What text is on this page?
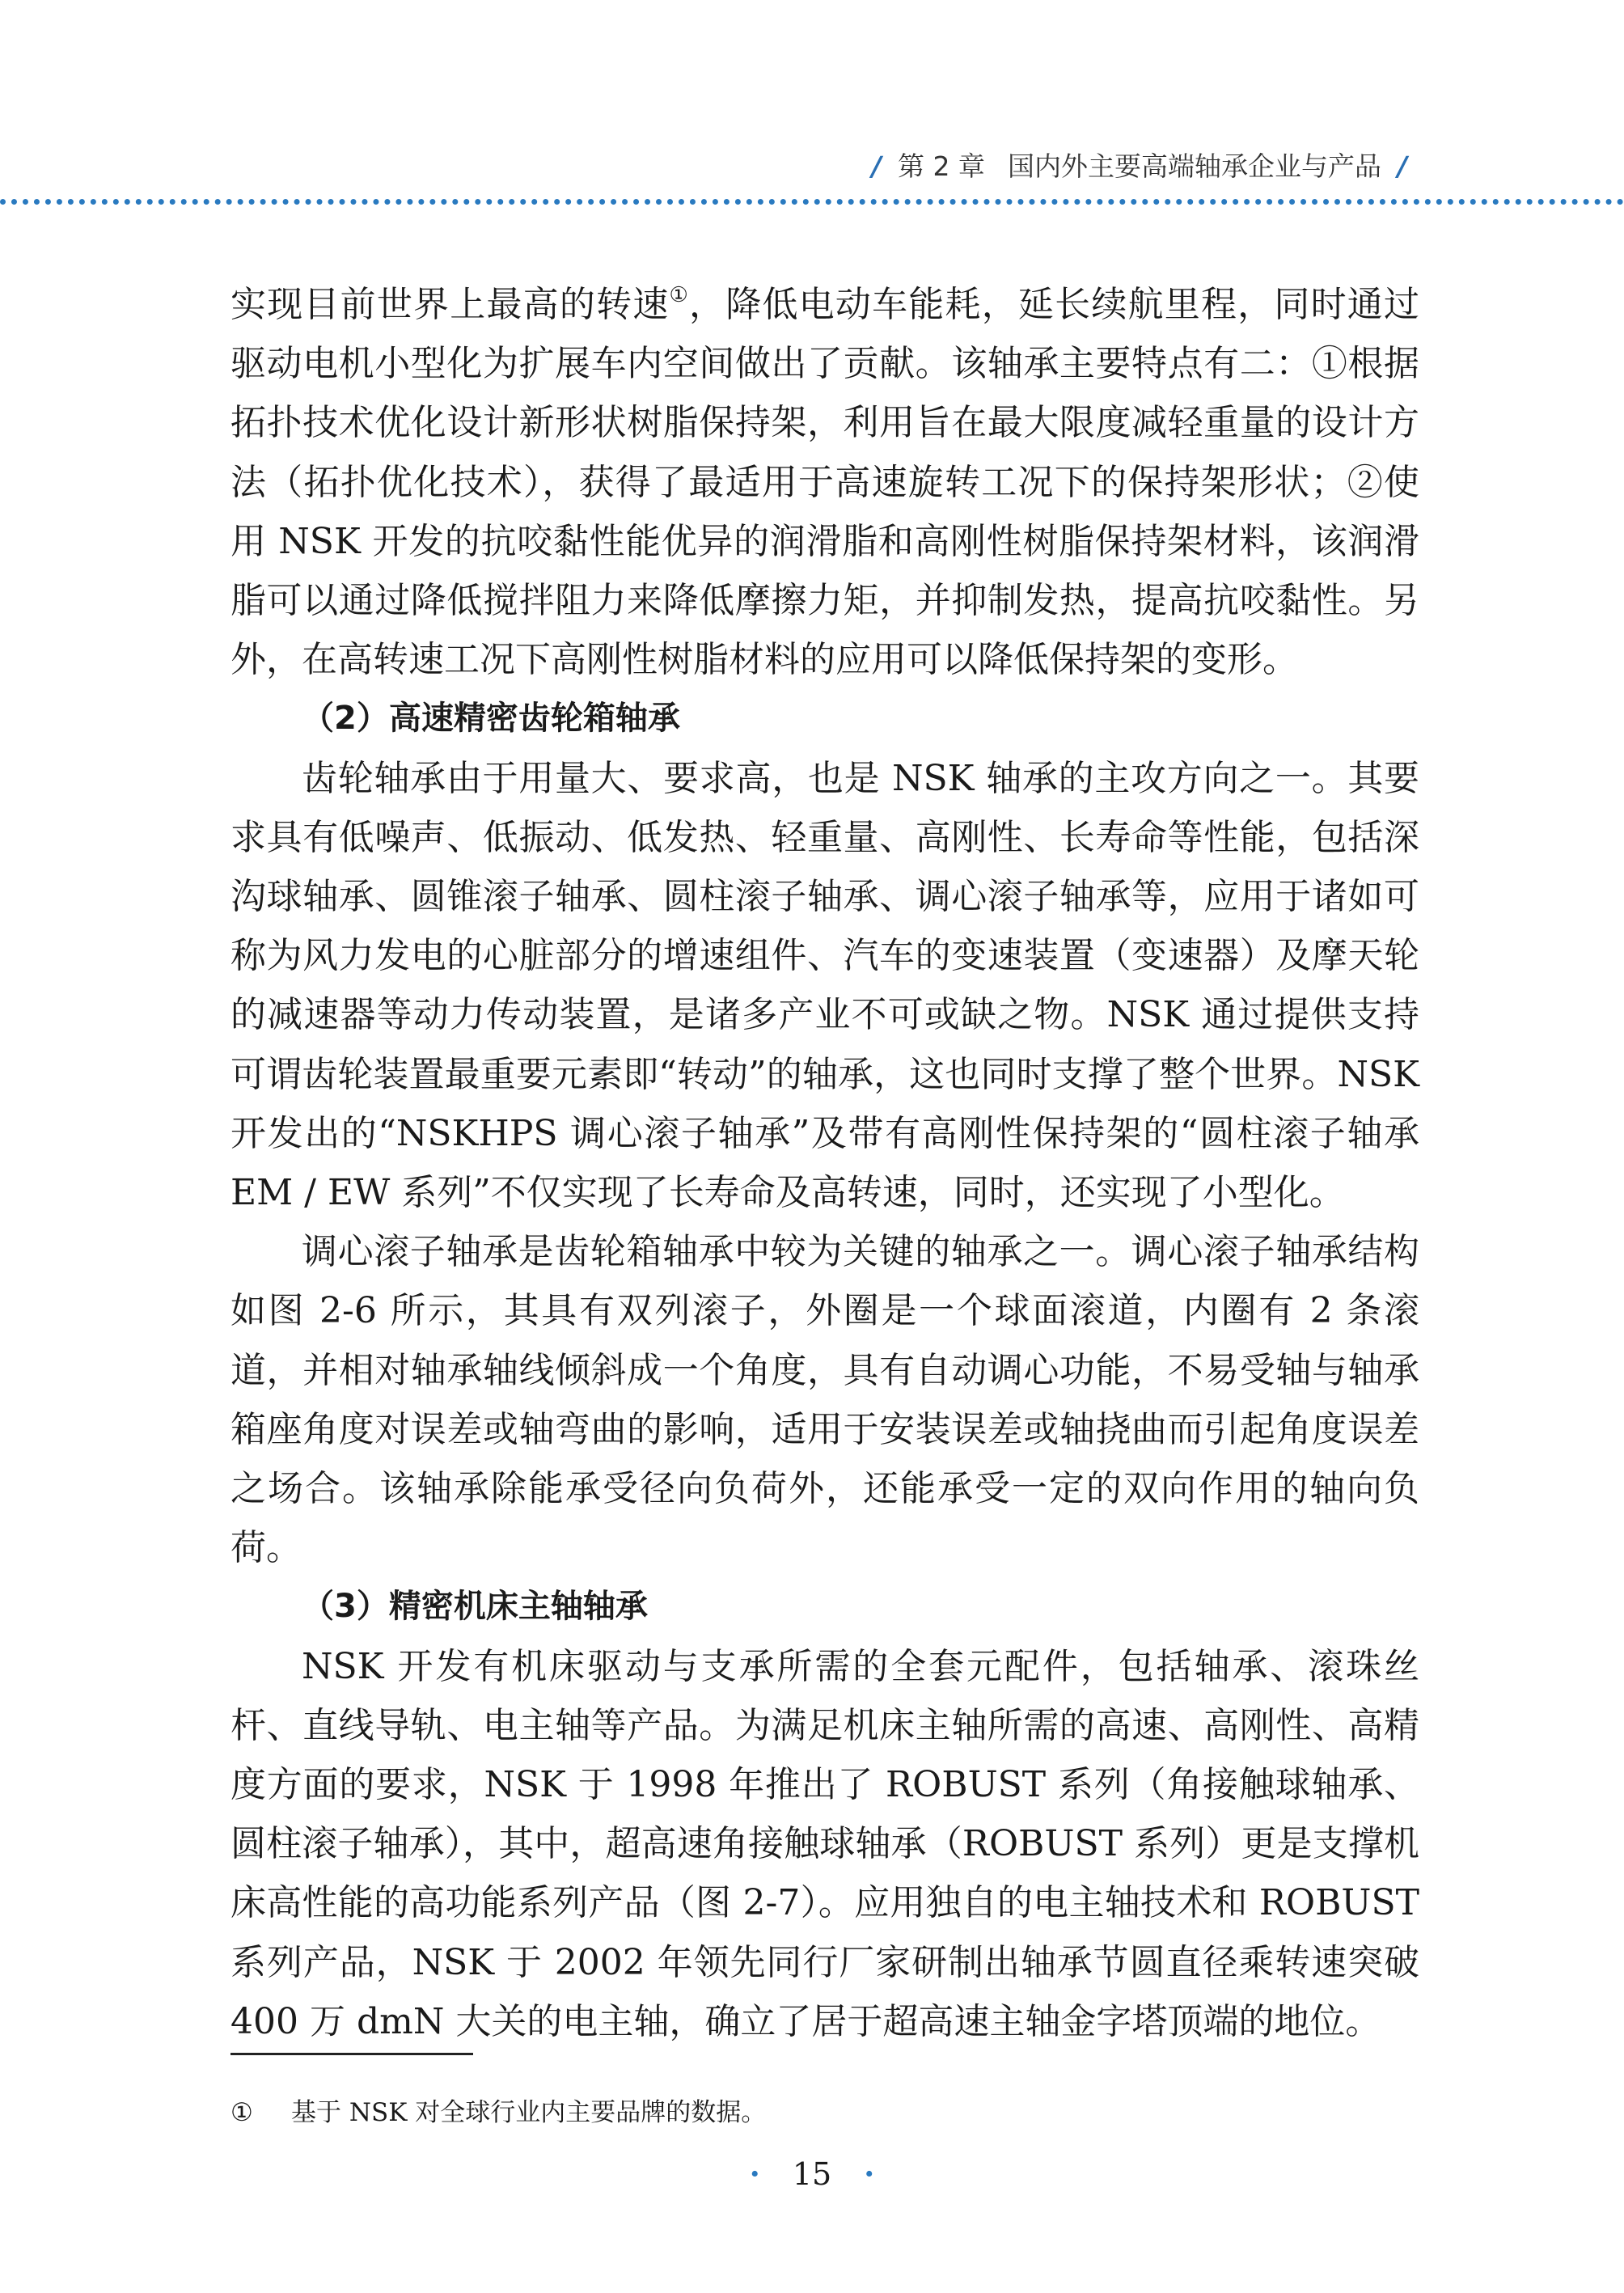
/ 第 2 章 国内外主要高端轴承企业与产品 /

实现目前世界上最高的转速①，降低电动车能耗，延长续航里程，同时通过驱动电机小型化为扩展车内空间做出了贡献。该轴承主要特点有二：①根据拓扑技术优化设计新形状树脂保持架，利用旨在最大限度减轻重量的设计方法（拓扑优化技术），获得了最适用于高速旋转工况下的保持架形状；②使用 NSK 开发的抗咬黏性能优异的润滑脂和高刚性树脂保持架材料，该润滑脂可以通过降低搅拌阻力来降低摩擦力矩，并抑制发热，提高抗咬黏性。另外，在高转速工况下高刚性树脂材料的应用可以降低保持架的变形。

（2）高速精密齿轮箱轴承

齿轮轴承由于用量大、要求高，也是 NSK 轴承的主攻方向之一。其要求具有低噪声、低振动、低发热、轻重量、高刚性、长寿命等性能，包括深沟球轴承、圆锥滚子轴承、圆柱滚子轴承、调心滚子轴承等，应用于诸如可称为风力发电的心脏部分的增速组件、汽车的变速装置（变速器）及摩天轮的减速器等动力传动装置，是诸多产业不可或缺之物。NSK 通过提供支持可谓齿轮装置最重要元素即“转动”的轴承，这也同时支撑了整个世界。NSK 开发出的“NSKHPS 调心滚子轴承”及带有高刚性保持架的“圆柱滚子轴承 EM / EW 系列”不仅实现了长寿命及高转速，同时，还实现了小型化。

调心滚子轴承是齿轮箱轴承中较为关键的轴承之一。调心滚子轴承结构如图 2-6 所示，其具有双列滚子，外圈是一个球面滚道，内圈有 2 条滚道，并相对轴承轴线倾斜成一个角度，具有自动调心功能，不易受轴与轴承箱座角度对误差或轴弯曲的影响，适用于安装误差或轴挠曲而引起角度误差之场合。该轴承除能承受径向负荷外，还能承受一定的双向作用的轴向负荷。

（3）精密机床主轴轴承

NSK 开发有机床驱动与支承所需的全套元配件，包括轴承、滚珠丝杆、直线导轨、电主轴等产品。为满足机床主轴所需的高速、高刚性、高精度方面的要求，NSK 于 1998 年推出了 ROBUST 系列（角接触球轴承、圆柱滚子轴承），其中，超高速角接触球轴承（ROBUST 系列）更是支撑机床高性能的高功能系列产品（图 2-7）。应用独自的电主轴技术和 ROBUST 系列产品，NSK 于 2002 年领先同行厂家研制出轴承节圆直径乘转速突破 400 万 dmN 大关的电主轴，确立了居于超高速主轴金字塔顶端的地位。

① 基于 NSK 对全球行业内主要品牌的数据。
· 15 ·
